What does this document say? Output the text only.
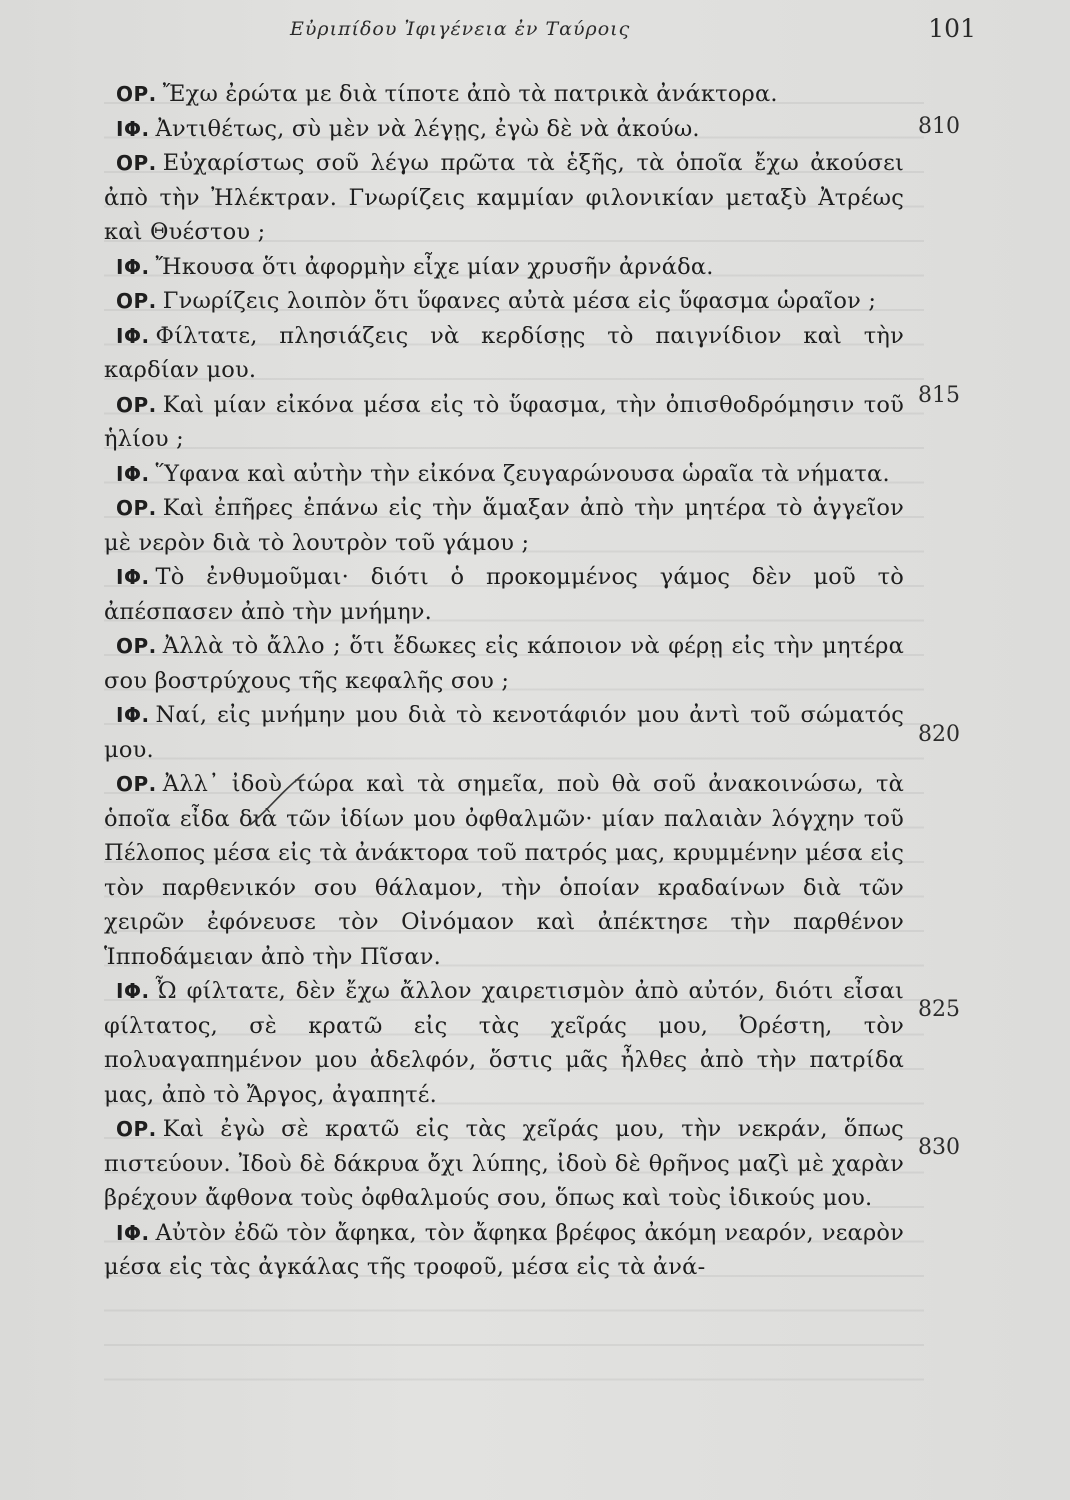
Εὐριπίδου Ἰφιγένεια ἐν Ταύροις	101

ΟΡ. Ἔχω ἐρώτα με διὰ τίποτε ἀπὸ τὰ πατρικὰ ἀνάκτορα.

ΙΦ. Ἀντιθέτως, σὺ μὲν νὰ λέγῃς, ἐγὼ δὲ νὰ ἀκούω.

ΟΡ. Εὐχαρίστως σοῦ λέγω πρῶτα τὰ ἑξῆς, τὰ ὁποῖα ἔχω ἀκούσει ἀπὸ τὴν Ἠλέκτραν. Γνωρίζεις καμμίαν φιλονικίαν μεταξὺ Ἀτρέως καὶ Θυέστου ;

ΙΦ. Ἤκουσα ὅτι ἀφορμὴν εἶχε μίαν χρυσῆν ἀρνάδα.

ΟΡ. Γνωρίζεις λοιπὸν ὅτι ὕφανες αὐτὰ μέσα εἰς ὕφασμα ὡραῖον ;

ΙΦ. Φίλτατε, πλησιάζεις νὰ κερδίσῃς τὸ παιγνίδιον καὶ τὴν καρδίαν μου.

ΟΡ. Καὶ μίαν εἰκόνα μέσα εἰς τὸ ὕφασμα, τὴν ὀπισθοδρόμησιν τοῦ ἡλίου ;

ΙΦ. Ὕφανα καὶ αὐτὴν τὴν εἰκόνα ζευγαρώνουσα ὡραῖα τὰ νήματα.

ΟΡ. Καὶ ἐπῆρες ἐπάνω εἰς τὴν ἅμαξαν ἀπὸ τὴν μητέρα τὸ ἀγγεῖον μὲ νερὸν διὰ τὸ λουτρὸν τοῦ γάμου ;

ΙΦ. Τὸ ἐνθυμοῦμαι· διότι ὁ προκομμένος γάμος δὲν μοῦ τὸ ἀπέσπασεν ἀπὸ τὴν μνήμην.

ΟΡ. Ἀλλὰ τὸ ἄλλο ; ὅτι ἔδωκες εἰς κάποιον νὰ φέρῃ εἰς τὴν μητέρα σου βοστρύχους τῆς κεφαλῆς σου ;

ΙΦ. Ναί, εἰς μνήμην μου διὰ τὸ κενοτάφιόν μου ἀντὶ τοῦ σώματός μου.

ΟΡ. Ἀλλ᾽ ἰδοὺ τώρα καὶ τὰ σημεῖα, ποὺ θὰ σοῦ ἀνακοινώσω, τὰ ὁποῖα εἶδα διὰ τῶν ἰδίων μου ὀφθαλμῶν· μίαν παλαιὰν λόγχην τοῦ Πέλοπος μέσα εἰς τὰ ἀνάκτορα τοῦ πατρός μας, κρυμμένην μέσα εἰς τὸν παρθενικόν σου θάλαμον, τὴν ὁποίαν κραδαίνων διὰ τῶν χειρῶν ἐφόνευσε τὸν Οἰνόμαον καὶ ἀπέκτησε τὴν παρθένον Ἱπποδάμειαν ἀπὸ τὴν Πῖσαν.

ΙΦ. Ὦ φίλτατε, δὲν ἔχω ἄλλον χαιρετισμὸν ἀπὸ αὐτόν, διότι εἶσαι φίλτατος, σὲ κρατῶ εἰς τὰς χεῖράς μου, Ὀρέστη, τὸν πολυαγαπημένον μου ἀδελφόν, ὅστις μᾶς ἦλθες ἀπὸ τὴν πατρίδα μας, ἀπὸ τὸ Ἄργος, ἀγαπητέ.

ΟΡ. Καὶ ἐγὼ σὲ κρατῶ εἰς τὰς χεῖράς μου, τὴν νεκράν, ὅπως πιστεύουν. Ἰδοὺ δὲ δάκρυα ὄχι λύπης, ἰδοὺ δὲ θρῆνος μαζὶ μὲ χαρὰν βρέχουν ἄφθονα τοὺς ὀφθαλμούς σου, ὅπως καὶ τοὺς ἰδικούς μου.

ΙΦ. Αὐτὸν ἐδῶ τὸν ἄφηκα, τὸν ἄφηκα βρέφος ἀκόμη νεαρόν, νεαρὸν μέσα εἰς τὰς ἀγκάλας τῆς τροφοῦ, μέσα εἰς τὰ ἀνά-

810
815
820
825
830
